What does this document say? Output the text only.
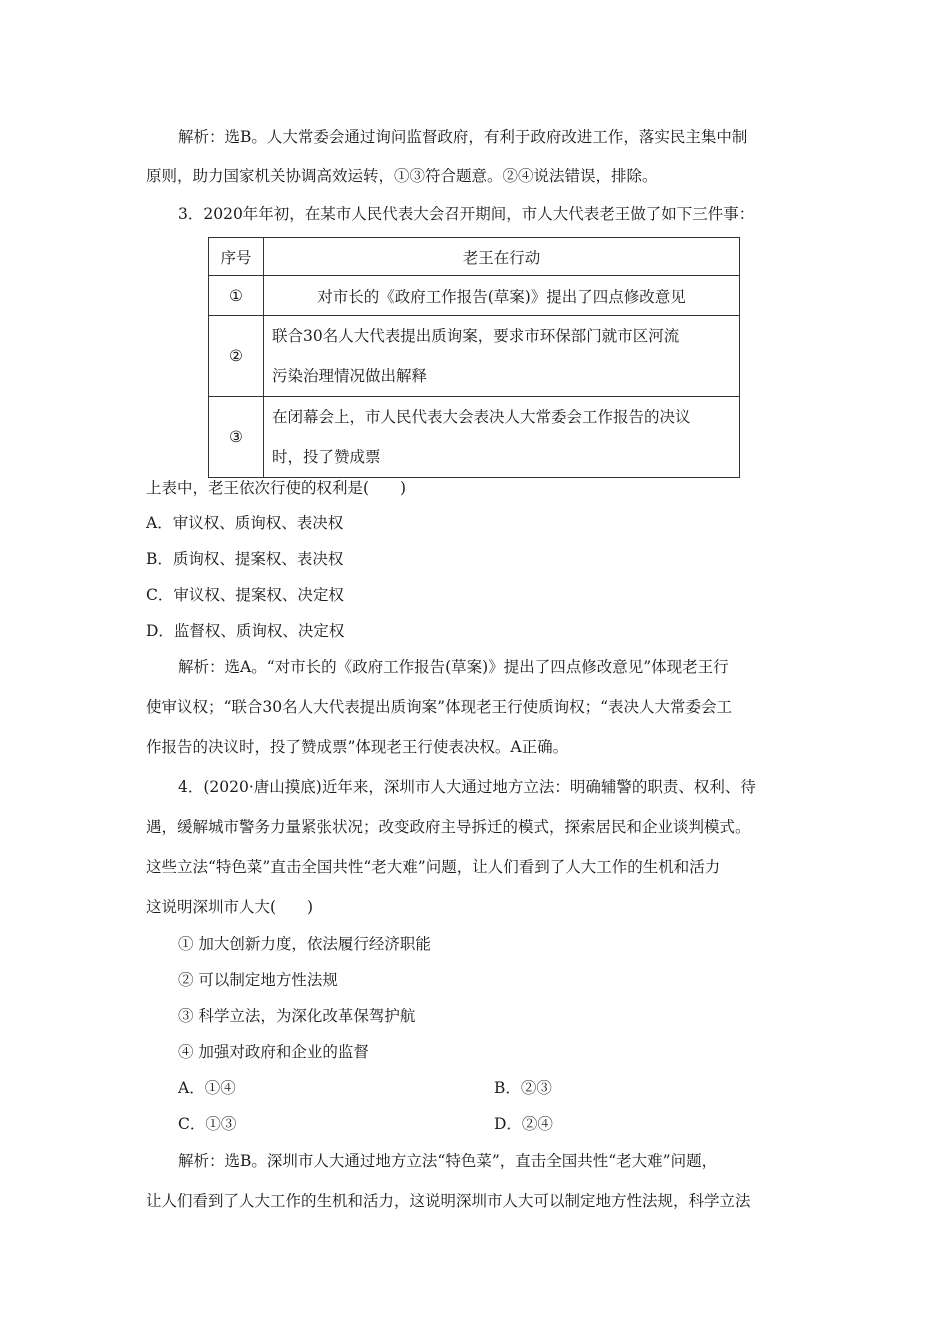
解析：选B。人大常委会通过询问监督政府，有利于政府改进工作，落实民主集中制
原则，助力国家机关协调高效运转，①③符合题意。②④说法错误，排除。
3．2020年年初，在某市人民代表大会召开期间，市人大代表老王做了如下三件事：
序号	老王在行动
①	对市长的《政府工作报告(草案)》提出了四点修改意见
②	联合30名人大代表提出质询案，要求市环保部门就市区河流
污染治理情况做出解释

③	在闭幕会上，市人民代表大会表决人大常委会工作报告的决议
时，投了赞成票
上表中，老王依次行使的权利是(　　)
A．审议权、质询权、表决权
B．质询权、提案权、表决权
C．审议权、提案权、决定权
D．监督权、质询权、决定权
解析：选A。“对市长的《政府工作报告(草案)》提出了四点修改意见”体现老王行
使审议权；“联合30名人大代表提出质询案”体现老王行使质询权；“表决人大常委会工
作报告的决议时，投了赞成票”体现老王行使表决权。A正确。
4．(2020·唐山摸底)近年来，深圳市人大通过地方立法：明确辅警的职责、权利、待
遇，缓解城市警务力量紧张状况；改变政府主导拆迁的模式，探索居民和企业谈判模式。
这些立法“特色菜”直击全国共性“老大难”问题，让人们看到了人大工作的生机和活力
这说明深圳市人大(　　)
① 加大创新力度，依法履行经济职能
② 可以制定地方性法规
③ 科学立法，为深化改革保驾护航
④ 加强对政府和企业的监督
A．①④	B．②③
C．①③	D．②④
解析：选B。深圳市人大通过地方立法“特色菜”，直击全国共性“老大难”问题，
让人们看到了人大工作的生机和活力，这说明深圳市人大可以制定地方性法规，科学立法
